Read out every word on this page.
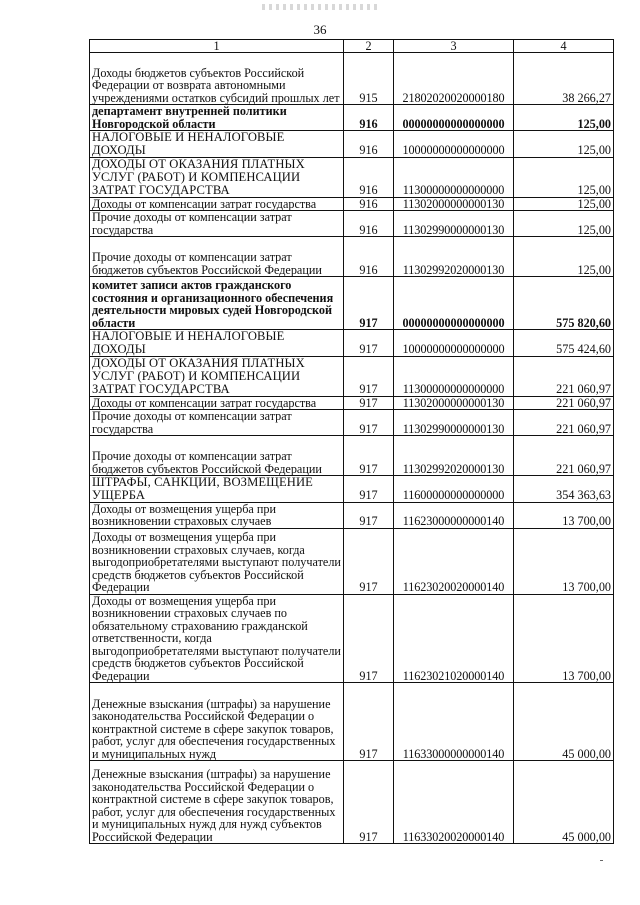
36
1	2	3	4
Доходы бюджетов субъектов Российской Федерации от возврата автономными учреждениями остатков субсидий прошлых лет	915	21802020020000180	38 266,27
департамент внутренней политики Новгородской области	916	00000000000000000	125,00
НАЛОГОВЫЕ И НЕНАЛОГОВЫЕ ДОХОДЫ	916	10000000000000000	125,00
ДОХОДЫ ОТ ОКАЗАНИЯ ПЛАТНЫХ УСЛУГ (РАБОТ) И КОМПЕНСАЦИИ ЗАТРАТ ГОСУДАРСТВА	916	11300000000000000	125,00
Доходы от компенсации затрат государства	916	11302000000000130	125,00
Прочие доходы от компенсации затрат государства	916	11302990000000130	125,00
Прочие доходы от компенсации затрат бюджетов субъектов Российской Федерации	916	11302992020000130	125,00
комитет записи актов гражданского состояния и организационного обеспечения деятельности мировых судей Новгородской области	917	00000000000000000	575 820,60
НАЛОГОВЫЕ И НЕНАЛОГОВЫЕ ДОХОДЫ	917	10000000000000000	575 424,60
ДОХОДЫ ОТ ОКАЗАНИЯ ПЛАТНЫХ УСЛУГ (РАБОТ) И КОМПЕНСАЦИИ ЗАТРАТ ГОСУДАРСТВА	917	11300000000000000	221 060,97
Доходы от компенсации затрат государства	917	11302000000000130	221 060,97
Прочие доходы от компенсации затрат государства	917	11302990000000130	221 060,97
Прочие доходы от компенсации затрат бюджетов субъектов Российской Федерации	917	11302992020000130	221 060,97
ШТРАФЫ, САНКЦИИ, ВОЗМЕЩЕНИЕ УЩЕРБА	917	11600000000000000	354 363,63
Доходы от возмещения ущерба при возникновении страховых случаев	917	11623000000000140	13 700,00
Доходы от возмещения ущерба при возникновении страховых случаев, когда выгодоприобретателями выступают получатели средств бюджетов субъектов Российской Федерации	917	11623020020000140	13 700,00
Доходы от возмещения ущерба при возникновении страховых случаев по обязательному страхованию гражданской ответственности, когда выгодоприобретателями выступают получатели средств бюджетов субъектов Российской Федерации	917	11623021020000140	13 700,00
Денежные взыскания (штрафы) за нарушение законодательства Российской Федерации о контрактной системе в сфере закупок товаров, работ, услуг для обеспечения государственных и муниципальных нужд	917	11633000000000140	45 000,00
Денежные взыскания (штрафы) за нарушение законодательства Российской Федерации о контрактной системе в сфере закупок товаров, работ, услуг для обеспечения государственных и муниципальных нужд для нужд субъектов Российской Федерации	917	11633020020000140	45 000,00
